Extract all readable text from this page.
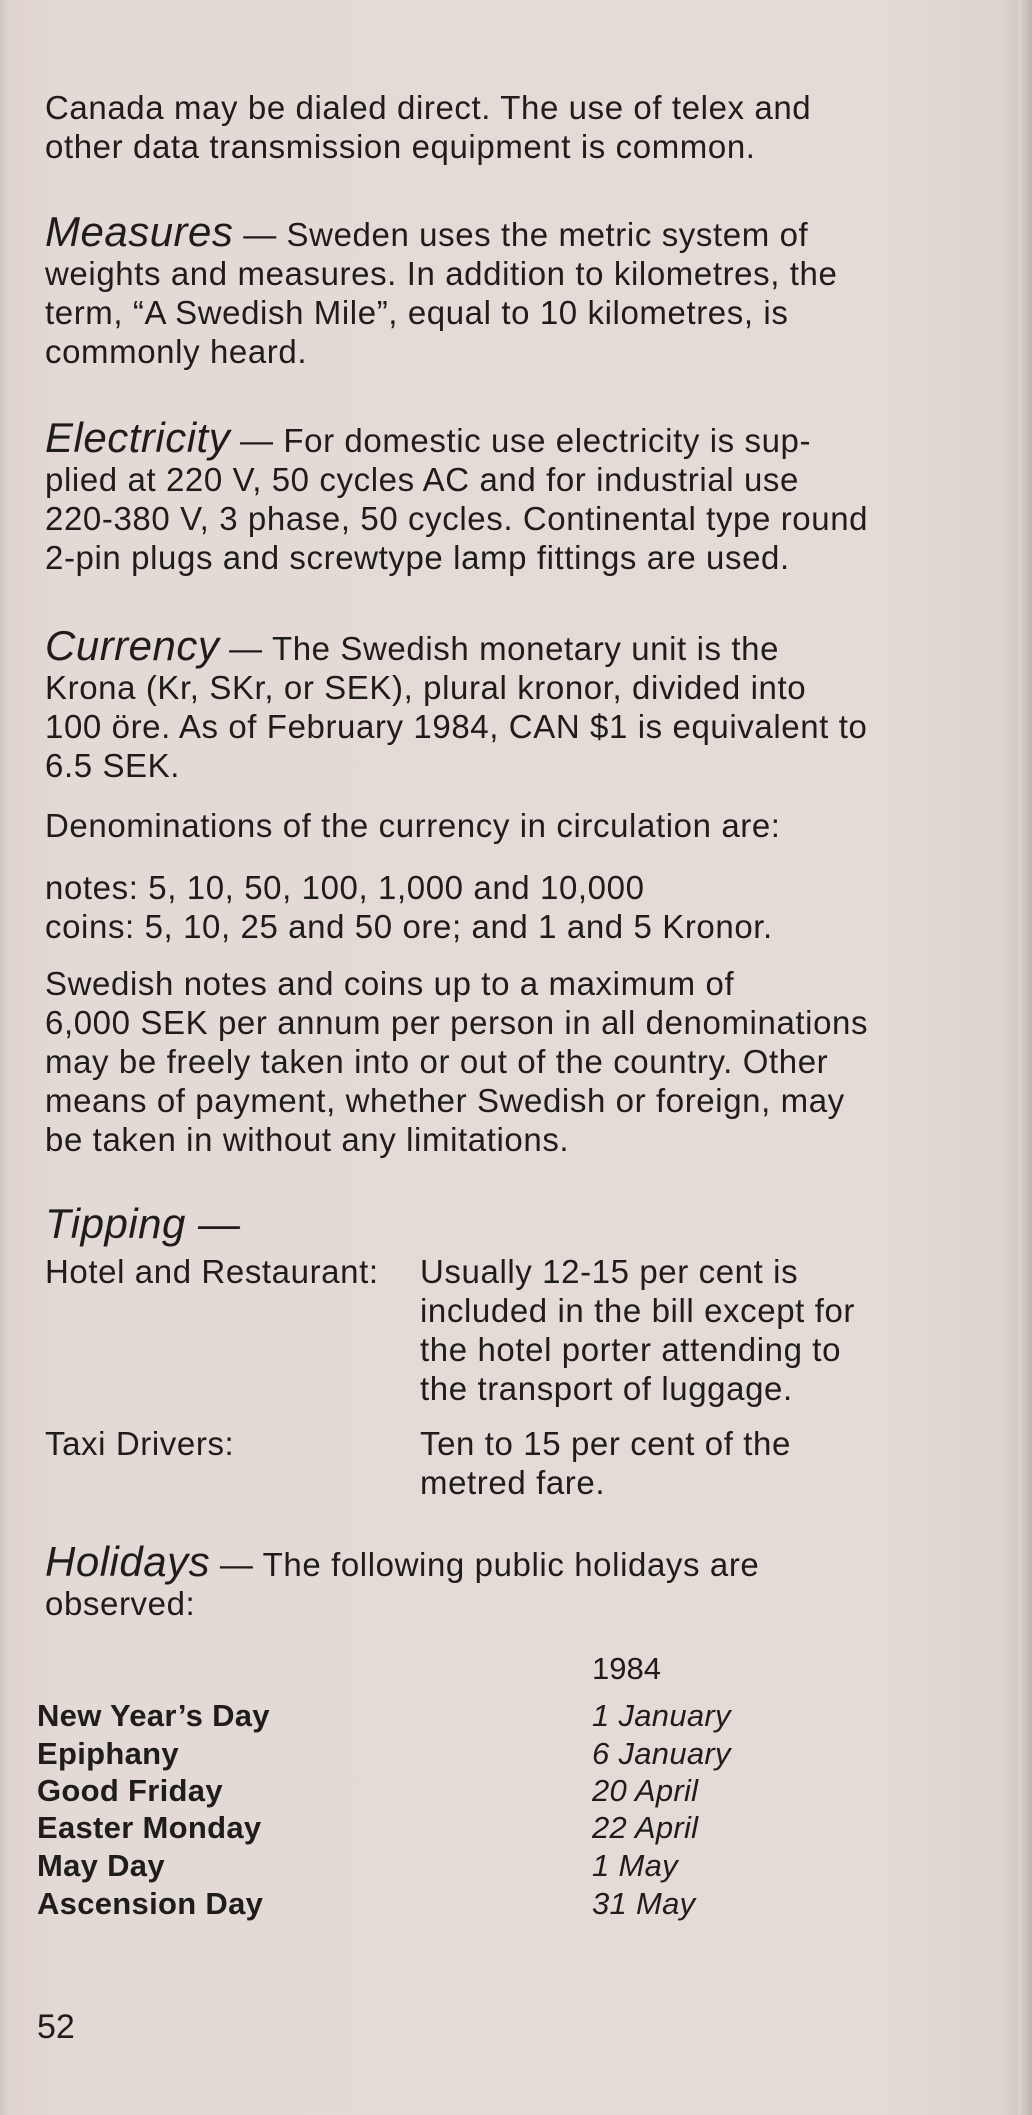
Canada may be dialed direct. The use of telex and
other data transmission equipment is common.
Measures — Sweden uses the metric system of
weights and measures. In addition to kilometres, the
term, “A Swedish Mile”, equal to 10 kilometres, is
commonly heard.
Electricity — For domestic use electricity is sup-
plied at 220 V, 50 cycles AC and for industrial use
220-380 V, 3 phase, 50 cycles. Continental type round
2-pin plugs and screwtype lamp fittings are used.
Currency — The Swedish monetary unit is the
Krona (Kr, SKr, or SEK), plural kronor, divided into
100 öre. As of February 1984, CAN $1 is equivalent to
6.5 SEK.
Denominations of the currency in circulation are:
notes: 5, 10, 50, 100, 1,000 and 10,000
coins: 5, 10, 25 and 50 ore; and 1 and 5 Kronor.
Swedish notes and coins up to a maximum of
6,000 SEK per annum per person in all denominations
may be freely taken into or out of the country. Other
means of payment, whether Swedish or foreign, may
be taken in without any limitations.
Tipping —
Hotel and Restaurant: Usually 12-15 per cent is
included in the bill except for
the hotel porter attending to
the transport of luggage.
Taxi Drivers:	Ten to 15 per cent of the
metred fare.
Holidays — The following public holidays are
observed:
1984
New Year’s Day	1 January
Epiphany	6 January
Good Friday	20 April
Easter Monday	22 April
May Day	1 May
Ascension Day	31 May
52
